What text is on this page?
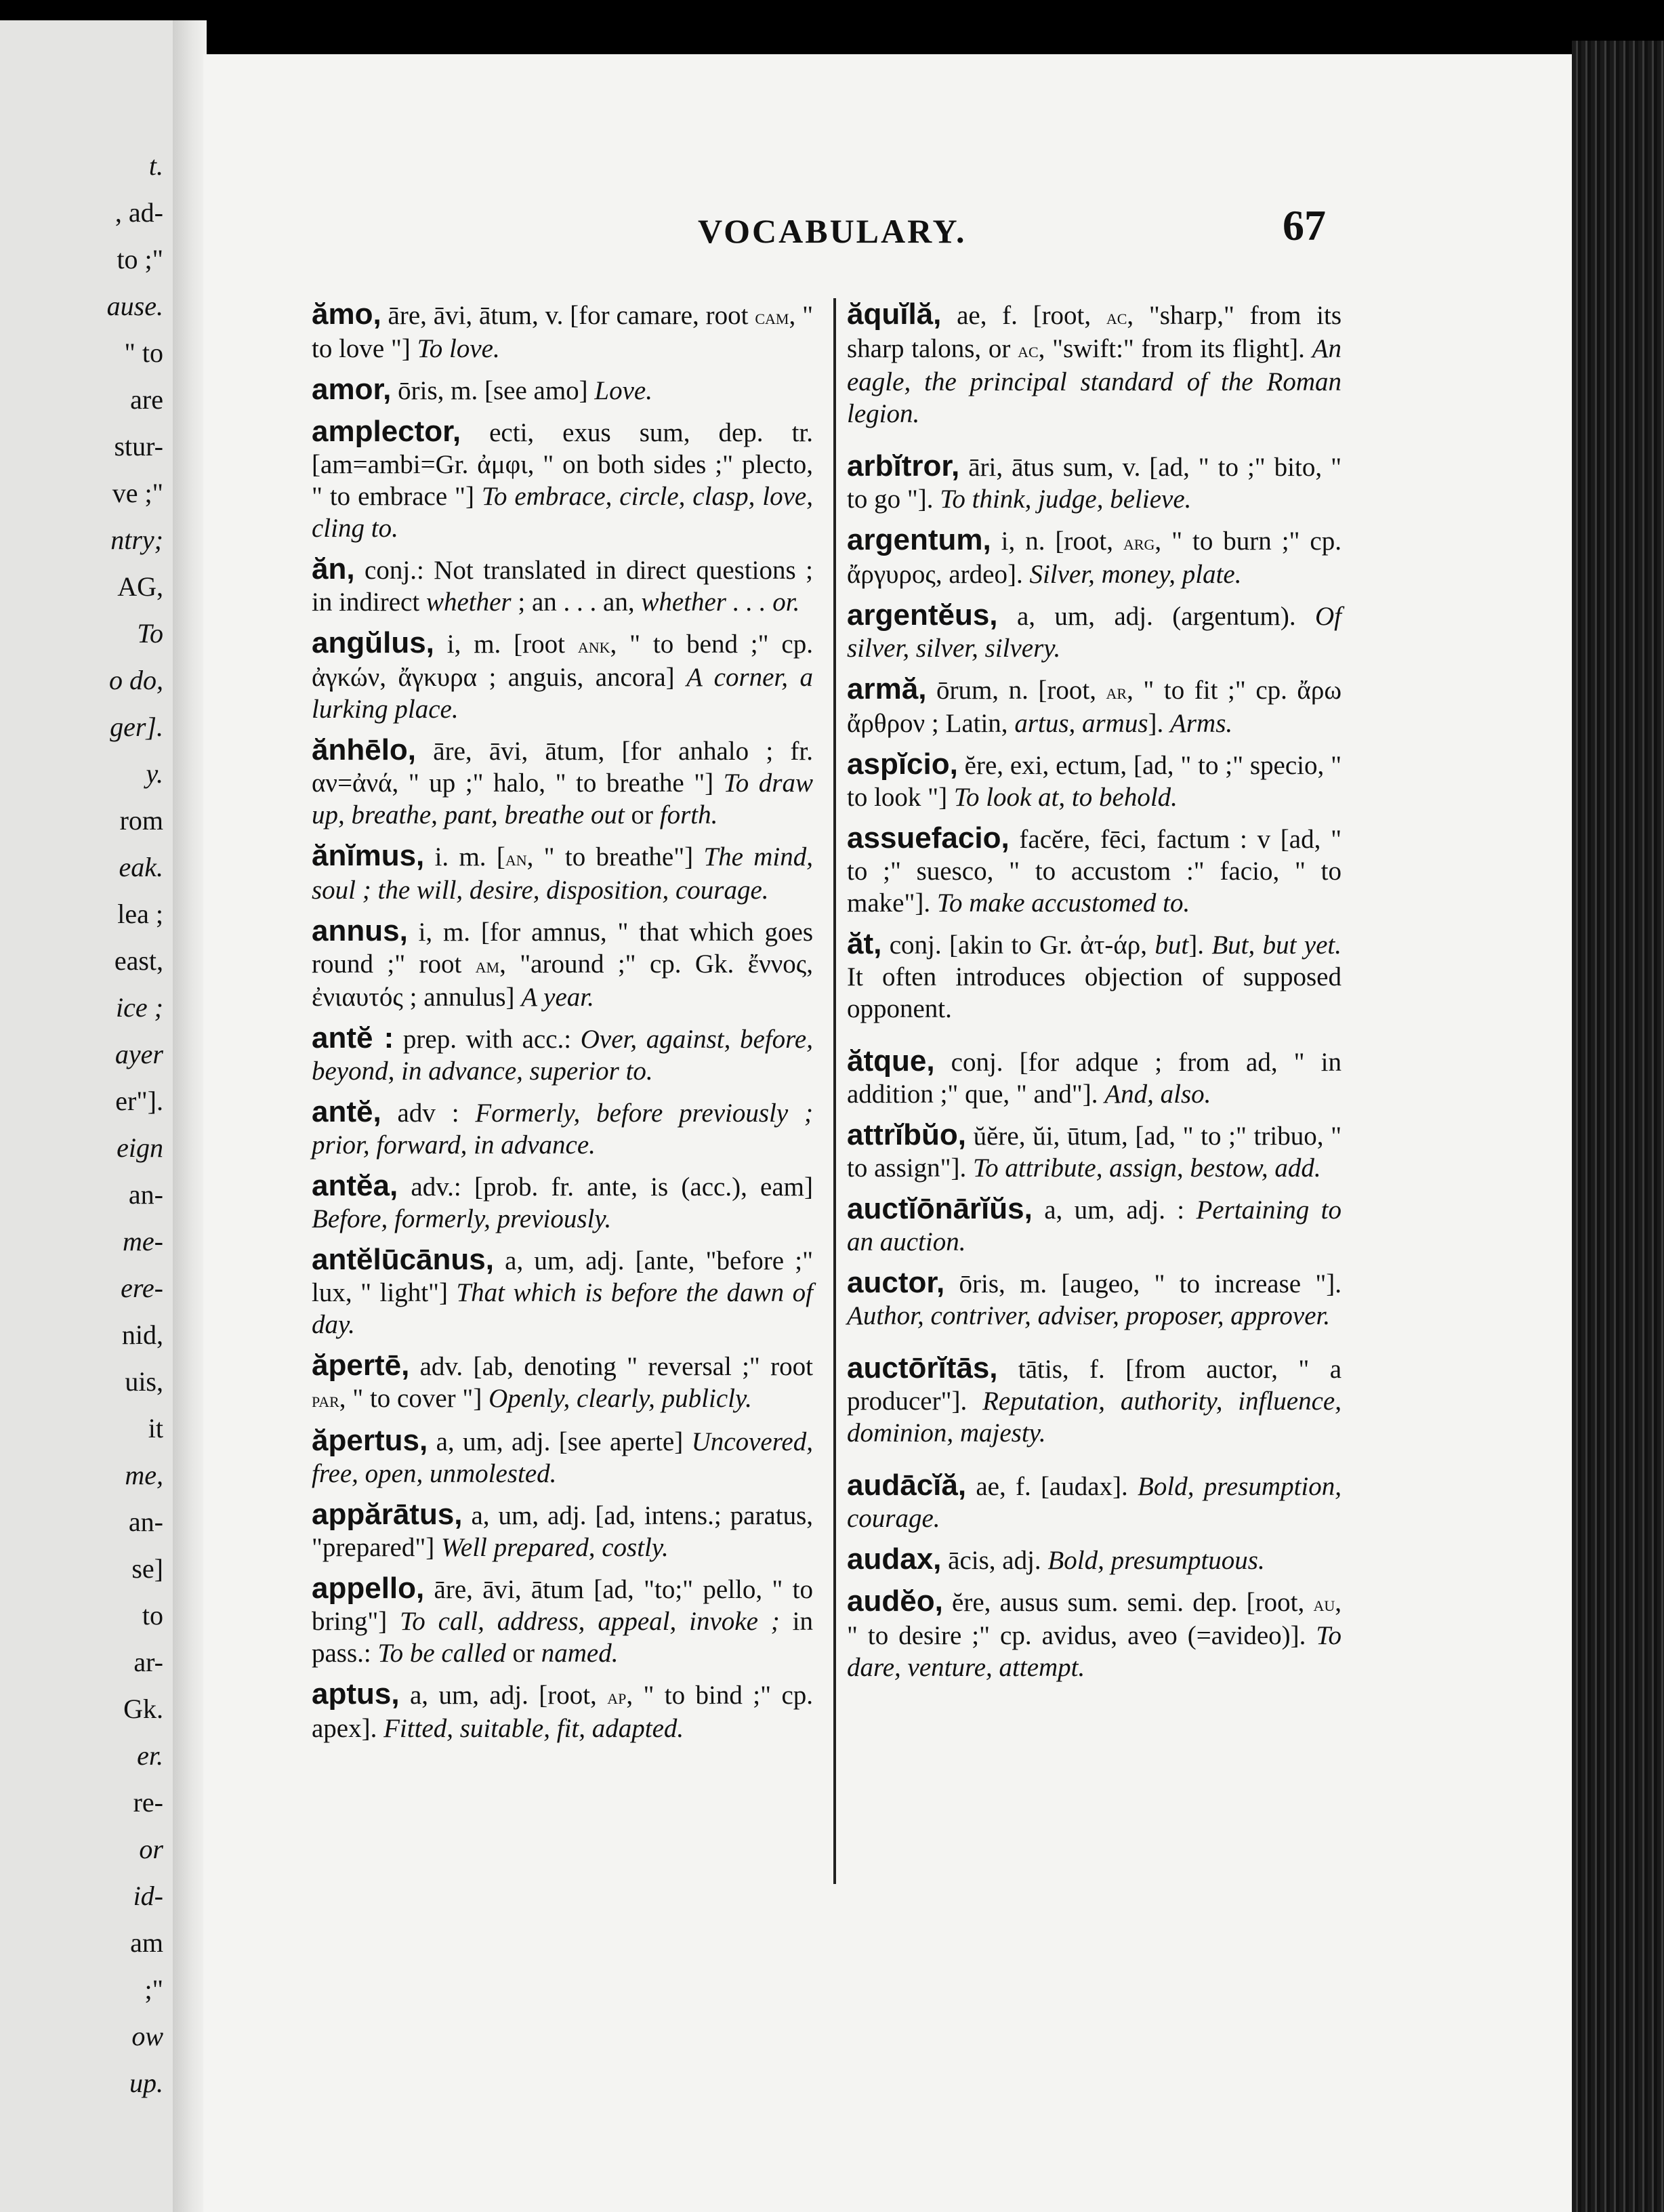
t.
, ad-
to ;"
ause.
" to
are
stur-
ve ;"
ntry;
AG,
To
o do,
ger].
y.
rom
eak.
lea ;
east,
ice ;
ayer
er"].
eign
an-
me-
ere-
nid,
uis,
it
me,
an-
se]
to
ar-
Gk.
er.
re-
or
id-
am
;"
ow
up.
VOCABULARY.	67
ămo, āre, āvi, ātum, v. [for camare, root cam, " to love "] To love.
amor, ōris, m. [see amo] Love.
amplector, ecti, exus sum, dep. tr. [am=ambi=Gr. ἀμφι, " on both sides ;" plecto, " to embrace "] To embrace, circle, clasp, love, cling to.
ăn, conj.: Not translated in direct questions ; in indirect whether ; an . . . an, whether . . . or.
angŭlus, i, m. [root ank, " to bend ;" cp. ἀγκών, ἄγκυρα ; anguis, ancora] A corner, a lurking place.
ănhēlo, āre, āvi, ātum, [for anhalo ; fr. αν=ἀνά, " up ;" halo, " to breathe "] To draw up, breathe, pant, breathe out or forth.
ănĭmus, i. m. [an, " to breathe"] The mind, soul ; the will, desire, disposition, courage.
annus, i, m. [for amnus, " that which goes round ;" root am, "around ;" cp. Gk. ἔννος, ἐνιαυτός ; annulus] A year.
antĕ : prep. with acc.: Over, against, before, beyond, in advance, superior to.
antĕ, adv : Formerly, before previously ; prior, forward, in advance.
antĕa, adv.: [prob. fr. ante, is (acc.), eam] Before, formerly, previously.
antĕlūcānus, a, um, adj. [ante, "before ;" lux, " light"] That which is before the dawn of day.
ăpertē, adv. [ab, denoting " reversal ;" root par, " to cover "] Openly, clearly, publicly.
ăpertus, a, um, adj. [see aperte] Uncovered, free, open, unmolested.
appărātus, a, um, adj. [ad, intens.; paratus, "prepared"] Well prepared, costly.
appello, āre, āvi, ātum [ad, "to;" pello, " to bring"] To call, address, appeal, invoke ; in pass.: To be called or named.
aptus, a, um, adj. [root, ap, " to bind ;" cp. apex]. Fitted, suitable, fit, adapted.
ăquĭlă, ae, f. [root, ac, "sharp," from its sharp talons, or ac, "swift:" from its flight]. An eagle, the principal standard of the Roman legion.
arbĭtror, āri, ātus sum, v. [ad, " to ;" bito, " to go "]. To think, judge, believe.
argentum, i, n. [root, arg, " to burn ;" cp. ἄργυρος, ardeo]. Silver, money, plate.
argentĕus, a, um, adj. (argentum). Of silver, silver, silvery.
armă, ōrum, n. [root, ar, " to fit ;" cp. ἄρω ἄρθρον ; Latin, artus, armus]. Arms.
aspĭcio, ĕre, exi, ectum, [ad, " to ;" specio, " to look "] To look at, to behold.
assuefacio, facĕre, fēci, factum : v [ad, " to ;" suesco, " to accustom :" facio, " to make"]. To make accustomed to.
ăt, conj. [akin to Gr. ἀτ-άρ, but]. But, but yet. It often introduces objection of supposed opponent.
ătque, conj. [for adque ; from ad, " in addition ;" que, " and"]. And, also.
attrĭbŭo, ŭĕre, ŭi, ūtum, [ad, " to ;" tribuo, " to assign"]. To attribute, assign, bestow, add.
auctĭōnārĭŭs, a, um, adj. : Pertaining to an auction.
auctor, ōris, m. [augeo, " to increase "]. Author, contriver, adviser, proposer, approver.
auctōrĭtās, tātis, f. [from auctor, " a producer"]. Reputation, authority, influence, dominion, majesty.
audācĭă, ae, f. [audax]. Bold, presumption, courage.
audax, ācis, adj. Bold, presumptuous.
audĕo, ĕre, ausus sum. semi. dep. [root, au, " to desire ;" cp. avidus, aveo (=avideo)]. To dare, venture, attempt.
